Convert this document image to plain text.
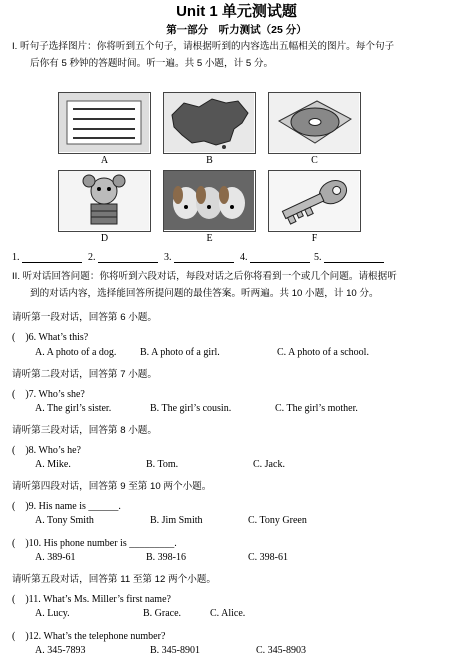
Unit 1 单元测试题
第一部分　听力测试（25 分）
I. 听句子选择图片：你将听到五个句子，请根据听到的内容选出五幅相关的图片。每个句子
后你有 5 秒钟的答题时间。听一遍。共 5 小题，计 5 分。
A	B	C
D	E	F
1.	2.	3.	4.	5.
II. 听对话回答问题：你将听到六段对话，每段对话之后你将看到一个或几个问题。请根据听
到的对话内容，选择能回答所提问题的最佳答案。听两遍。共 10 小题，计 10 分。
请听第一段对话，回答第 6 小题。
(　)6. What’s this?
A. A photo of a dog. B. A photo of a girl.	C. A photo of a school.
请听第二段对话，回答第 7 小题。
(　)7. Who’s she?
A. The girl’s sister.	B. The girl’s cousin.	C. The girl’s mother.
请听第三段对话，回答第 8 小题。
(　)8. Who’s he?
A. Mike.	B. Tom.	C. Jack.
请听第四段对话，回答第 9 至第 10 两个小题。
(　)9. His name is ______.
A. Tony Smith	B. Jim Smith	C. Tony Green
(　)10. His phone number is _________.
A. 389-61	B. 398-16	C. 398-61
请听第五段对话，回答第 11 至第 12 两个小题。
(　)11. What’s Ms. Miller’s first name?
A. Lucy.	B. Grace.	C. Alice.
(　)12. What’s the telephone number?
A. 345-7893	B. 345-8901	C. 345-8903
